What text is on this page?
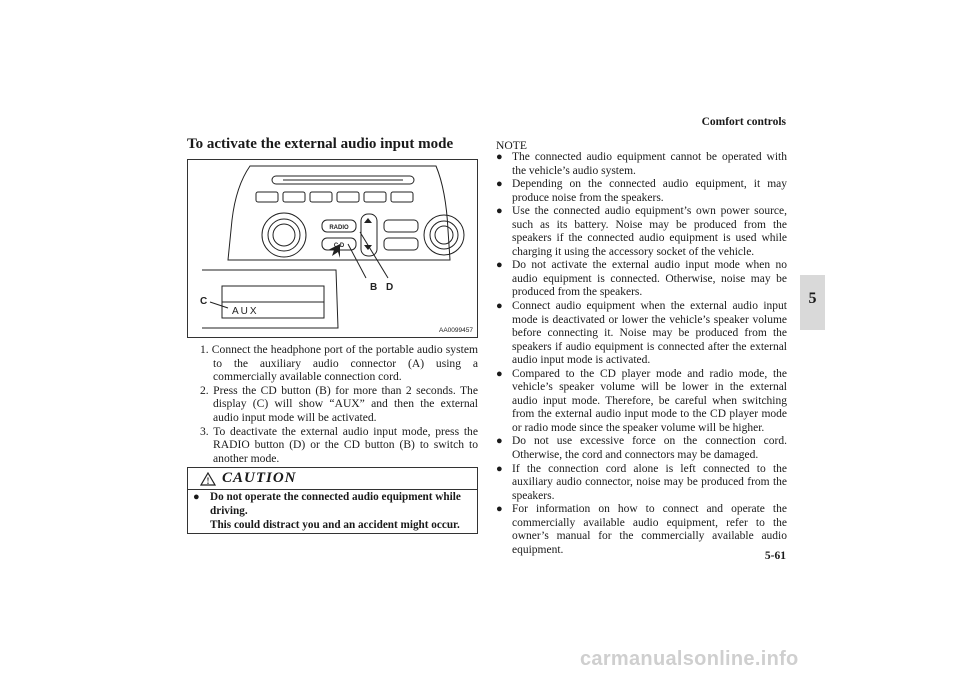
Comfort controls
5
To activate the external audio input mode
RADIO
C D
B D
C
AUX
AA0099457

1. Connect the headphone port of the portable audio system to the auxiliary audio connector (A) using a commercially available connection cord.

2. Press the CD button (B) for more than 2 seconds. The display (C) will show “AUX” and then the external audio input mode will be activated.

3. To deactivate the external audio input mode, press the RADIO button (D) or the CD button (B) to switch to another mode.

! CAUTION
● Do not operate the connected audio equipment while driving.
This could distract you and an accident might occur.
NOTE
● The connected audio equipment cannot be operated with the vehicle’s audio system.
● Depending on the connected audio equipment, it may produce noise from the speakers.
● Use the connected audio equipment’s own power source, such as its battery. Noise may be produced from the speakers if the connected audio equipment is used while charging it using the accessory socket of the vehicle.
● Do not activate the external audio input mode when no audio equipment is connected. Otherwise, noise may be produced from the speakers.
● Connect audio equipment when the external audio input mode is deactivated or lower the vehicle’s speaker volume before connecting it. Noise may be produced from the speakers if audio equipment is connected after the external audio input mode is activated.
● Compared to the CD player mode and radio mode, the vehicle’s speaker volume will be lower in the external audio input mode. Therefore, be careful when switching from the external audio input mode to the CD player mode or radio mode since the speaker volume will be higher.
● Do not use excessive force on the connection cord. Otherwise, the cord and connectors may be damaged.
● If the connection cord alone is left connected to the auxiliary audio connector, noise may be produced from the speakers.
● For information on how to connect and operate the commercially available audio equipment, refer to the owner’s manual for the commercially available audio equipment.
5-61
carmanualsonline.info
